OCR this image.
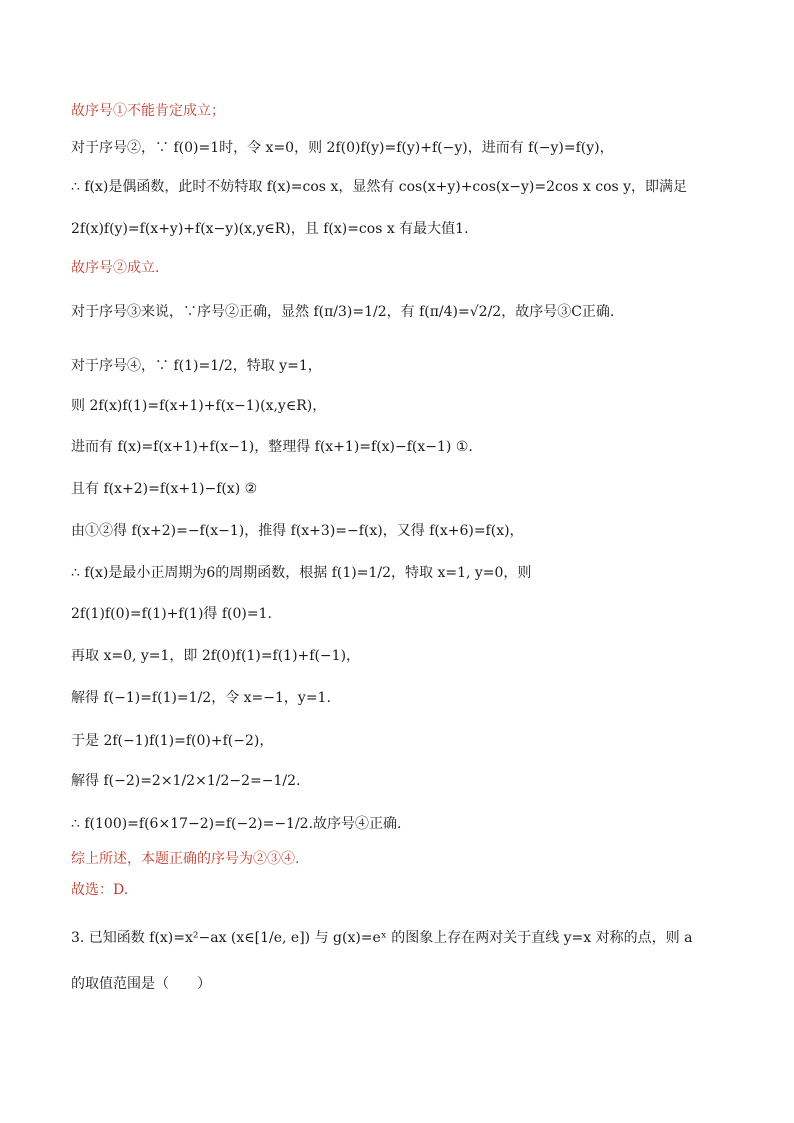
故序号①不能肯定成立；
对于序号②，∵ f(0)=1时，令 x=0，则 2f(0)f(y)=f(y)+f(−y)，进而有 f(−y)=f(y)，
∴ f(x)是偶函数，此时不妨特取 f(x)=cos x，显然有 cos(x+y)+cos(x−y)=2cos x cos y，即满足
2f(x)f(y)=f(x+y)+f(x−y)(x,y∈R)，且 f(x)=cos x 有最大值1.
故序号②成立.
对于序号③来说，∵序号②正确，显然 f(π/3)=1/2，有 f(π/4)=√2/2，故序号③C正确.
对于序号④，∵ f(1)=1/2，特取 y=1，
则 2f(x)f(1)=f(x+1)+f(x−1)(x,y∈R)，
进而有 f(x)=f(x+1)+f(x−1)，整理得 f(x+1)=f(x)−f(x−1) ①.
且有 f(x+2)=f(x+1)−f(x) ②
由①②得 f(x+2)=−f(x−1)，推得 f(x+3)=−f(x)，又得 f(x+6)=f(x)，
∴ f(x)是最小正周期为6的周期函数，根据 f(1)=1/2，特取 x=1, y=0，则
2f(1)f(0)=f(1)+f(1)得 f(0)=1.
再取 x=0, y=1，即 2f(0)f(1)=f(1)+f(−1)，
解得 f(−1)=f(1)=1/2，令 x=−1，y=1.
于是 2f(−1)f(1)=f(0)+f(−2)，
解得 f(−2)=2×1/2×1/2−2=−1/2.
∴ f(100)=f(6×17−2)=f(−2)=−1/2.故序号④正确.
综上所述，本题正确的序号为②③④.
故选：D.
3. 已知函数 f(x)=x²−ax (x∈[1/e, e]) 与 g(x)=eˣ 的图象上存在两对关于直线 y=x 对称的点，则 a
的取值范围是（　　）
